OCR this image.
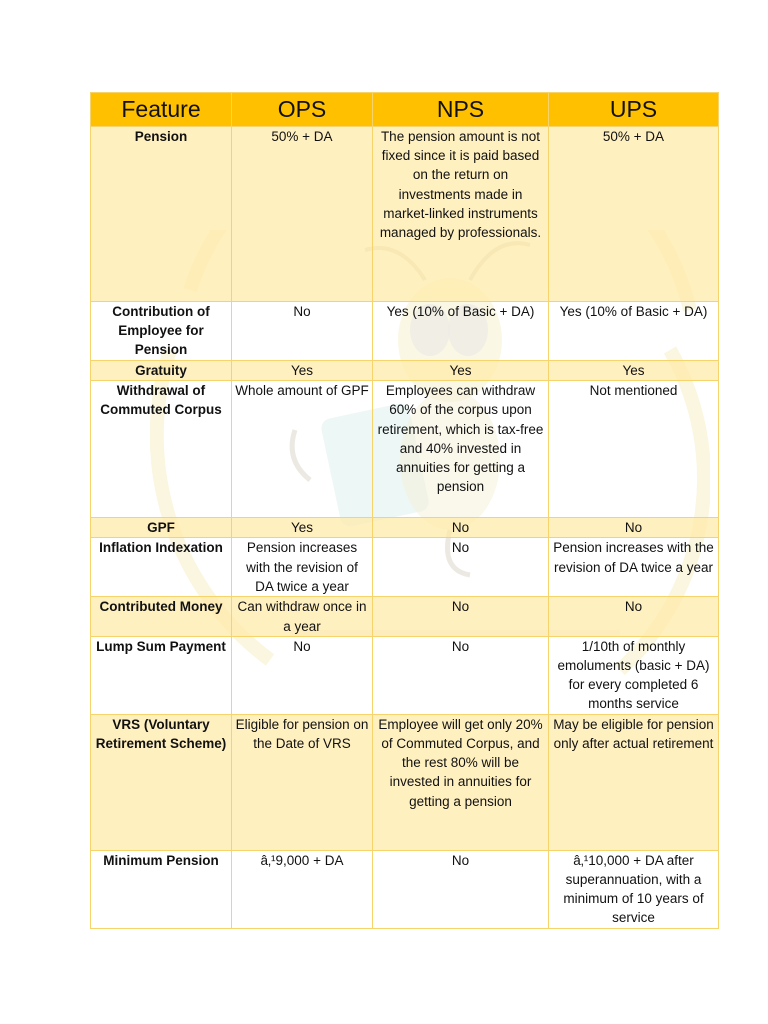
Feature	OPS	NPS	UPS
Pension	50% + DA	The pension amount is not fixed since it is paid based on the return on investments made in market-linked instruments managed by professionals.	50% + DA
Contribution of Employee for Pension	No	Yes (10% of Basic + DA)	Yes (10% of Basic + DA)
Gratuity	Yes	Yes	Yes
Withdrawal of Commuted Corpus	Whole amount of GPF	Employees can withdraw 60% of the corpus upon retirement, which is tax-free and 40% invested in annuities for getting a pension	Not mentioned
GPF	Yes	No	No
Inflation Indexation	Pension increases with the revision of DA twice a year	No	Pension increases with the revision of DA twice a year
Contributed Money	Can withdraw once in a year	No	No
Lump Sum Payment	No	No	1/10th of monthly emoluments (basic + DA) for every completed 6 months service
VRS (Voluntary Retirement Scheme)	Eligible for pension on the Date of VRS	Employee will get only 20% of Commuted Corpus, and the rest 80% will be invested in annuities for getting a pension	May be eligible for pension only after actual retirement
Minimum Pension	â‚¹9,000 + DA	No	â‚¹10,000 + DA after superannuation, with a minimum of 10 years of service
